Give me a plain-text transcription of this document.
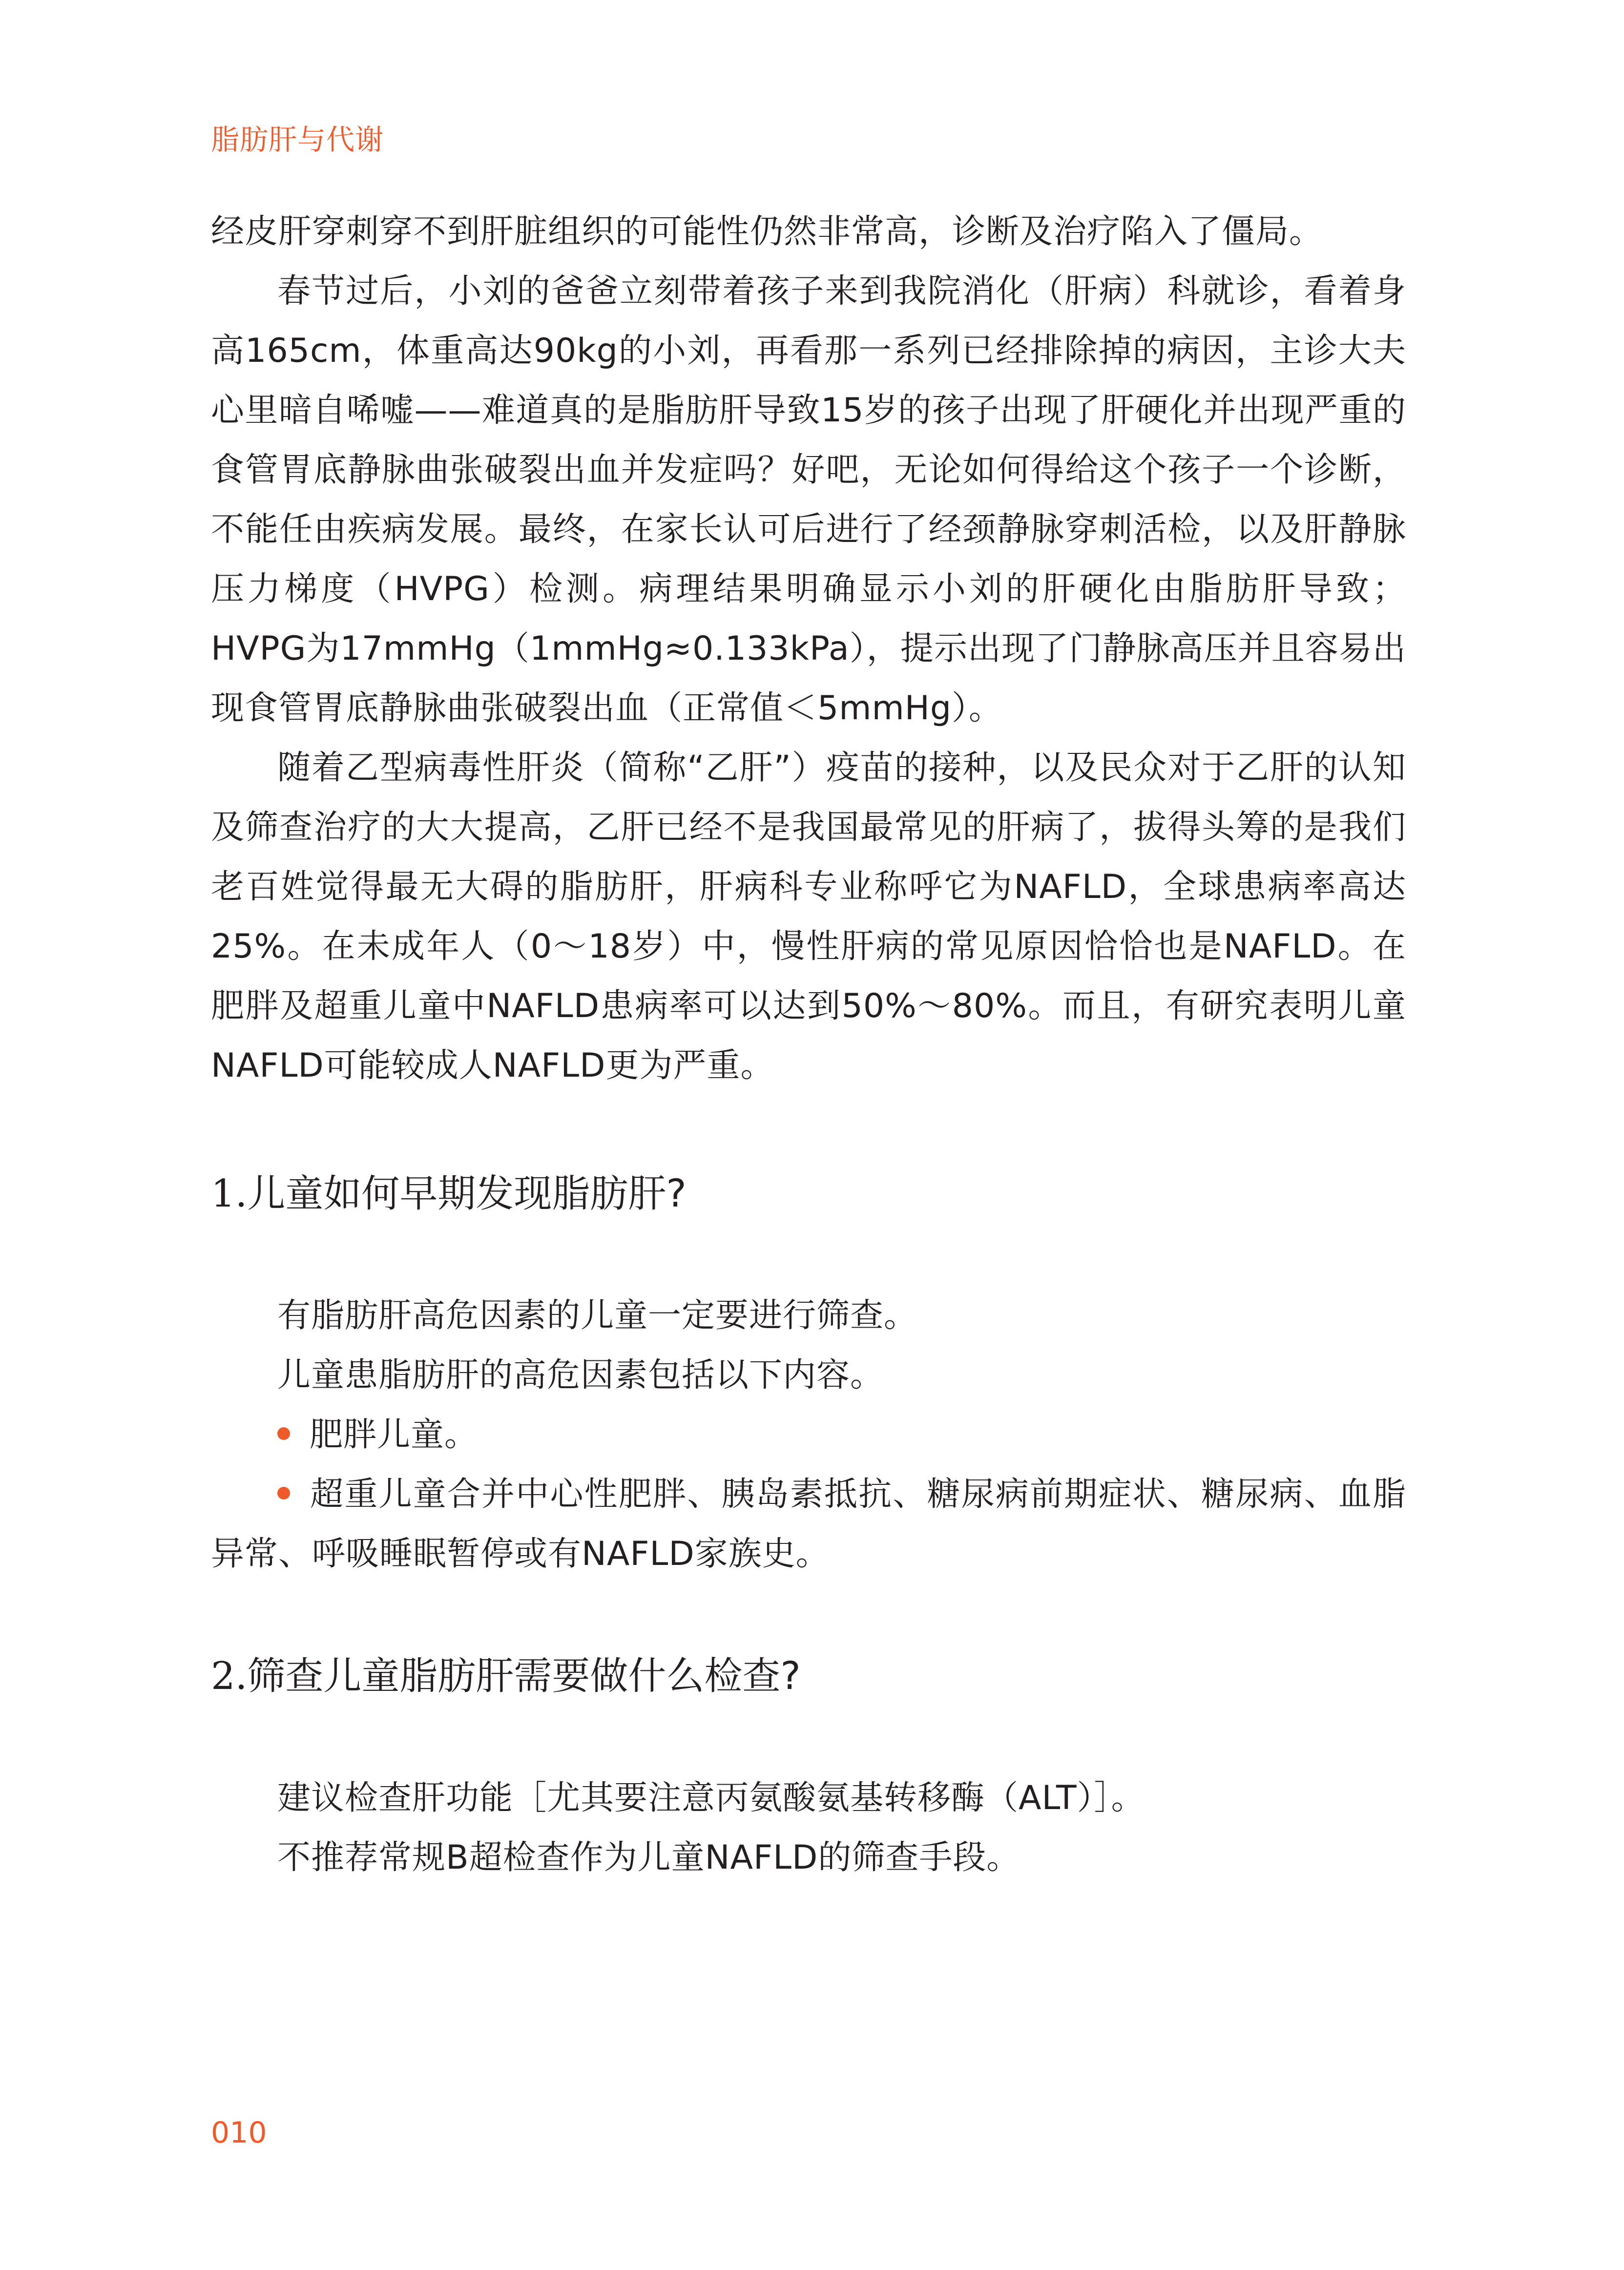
脂肪肝与代谢

经皮肝穿刺穿不到肝脏组织的可能性仍然非常高，诊断及治疗陷入了僵局。

春节过后，小刘的爸爸立刻带着孩子来到我院消化（肝病）科就诊，看着身高165cm，体重高达90kg的小刘，再看那一系列已经排除掉的病因，主诊大夫心里暗自唏嘘——难道真的是脂肪肝导致15岁的孩子出现了肝硬化并出现严重的食管胃底静脉曲张破裂出血并发症吗？好吧，无论如何得给这个孩子一个诊断，不能任由疾病发展。最终，在家长认可后进行了经颈静脉穿刺活检，以及肝静脉压力梯度（HVPG）检测。病理结果明确显示小刘的肝硬化由脂肪肝导致；HVPG为17mmHg（1mmHg≈0.133kPa），提示出现了门静脉高压并且容易出现食管胃底静脉曲张破裂出血（正常值＜5mmHg）。

随着乙型病毒性肝炎（简称“乙肝”）疫苗的接种，以及民众对于乙肝的认知及筛查治疗的大大提高，乙肝已经不是我国最常见的肝病了，拔得头筹的是我们老百姓觉得最无大碍的脂肪肝，肝病科专业称呼它为NAFLD，全球患病率高达25%。在未成年人（0～18岁）中，慢性肝病的常见原因恰恰也是NAFLD。在肥胖及超重儿童中NAFLD患病率可以达到50%～80%。而且，有研究表明儿童NAFLD可能较成人NAFLD更为严重。

1.儿童如何早期发现脂肪肝?

有脂肪肝高危因素的儿童一定要进行筛查。

儿童患脂肪肝的高危因素包括以下内容。

肥胖儿童。

超重儿童合并中心性肥胖、胰岛素抵抗、糖尿病前期症状、糖尿病、血脂异常、呼吸睡眠暂停或有NAFLD家族史。

2.筛查儿童脂肪肝需要做什么检查?

建议检查肝功能［尤其要注意丙氨酸氨基转移酶（ALT）］。

不推荐常规B超检查作为儿童NAFLD的筛查手段。

010
